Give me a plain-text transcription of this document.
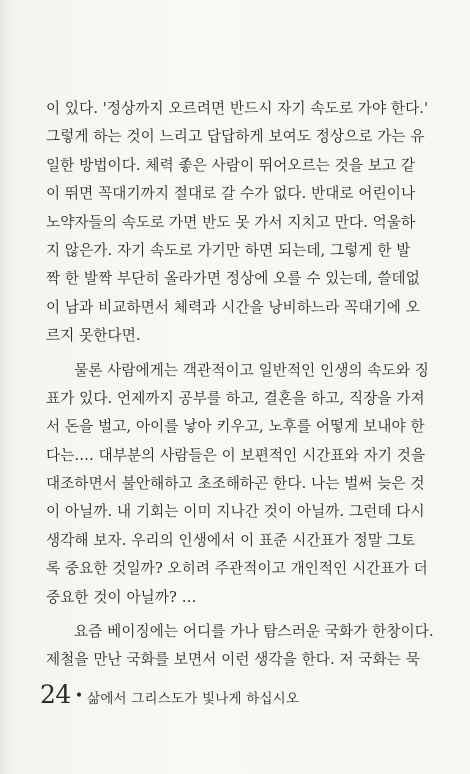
이 있다. '정상까지 오르려면 반드시 자기 속도로 가야 한다.'
그렇게 하는 것이 느리고 답답하게 보여도 정상으로 가는 유
일한 방법이다. 체력 좋은 사람이 뛰어오르는 것을 보고 같
이 뛰면 꼭대기까지 절대로 갈 수가 없다. 반대로 어린이나
노약자들의 속도로 가면 반도 못 가서 지치고 만다. 억울하
지 않은가. 자기 속도로 가기만 하면 되는데, 그렇게 한 발
짝 한 발짝 부단히 올라가면 정상에 오를 수 있는데, 쓸데없
이 남과 비교하면서 체력과 시간을 낭비하느라 꼭대기에 오
르지 못한다면.
물론 사람에게는 객관적이고 일반적인 인생의 속도와 징
표가 있다. 언제까지 공부를 하고, 결혼을 하고, 직장을 가져
서 돈을 벌고, 아이를 낳아 키우고, 노후를 어떻게 보내야 한
다는…. 대부분의 사람들은 이 보편적인 시간표와 자기 것을
대조하면서 불안해하고 초조해하곤 한다. 나는 벌써 늦은 것
이 아닐까. 내 기회는 이미 지나간 것이 아닐까. 그런데 다시
생각해 보자. 우리의 인생에서 이 표준 시간표가 정말 그토
록 중요한 것일까? 오히려 주관적이고 개인적인 시간표가 더
중요한 것이 아닐까? …
요즘 베이징에는 어디를 가나 탐스러운 국화가 한창이다.
제철을 만난 국화를 보면서 이런 생각을 한다. 저 국화는 묵
24 • 삶에서 그리스도가 빛나게 하십시오
